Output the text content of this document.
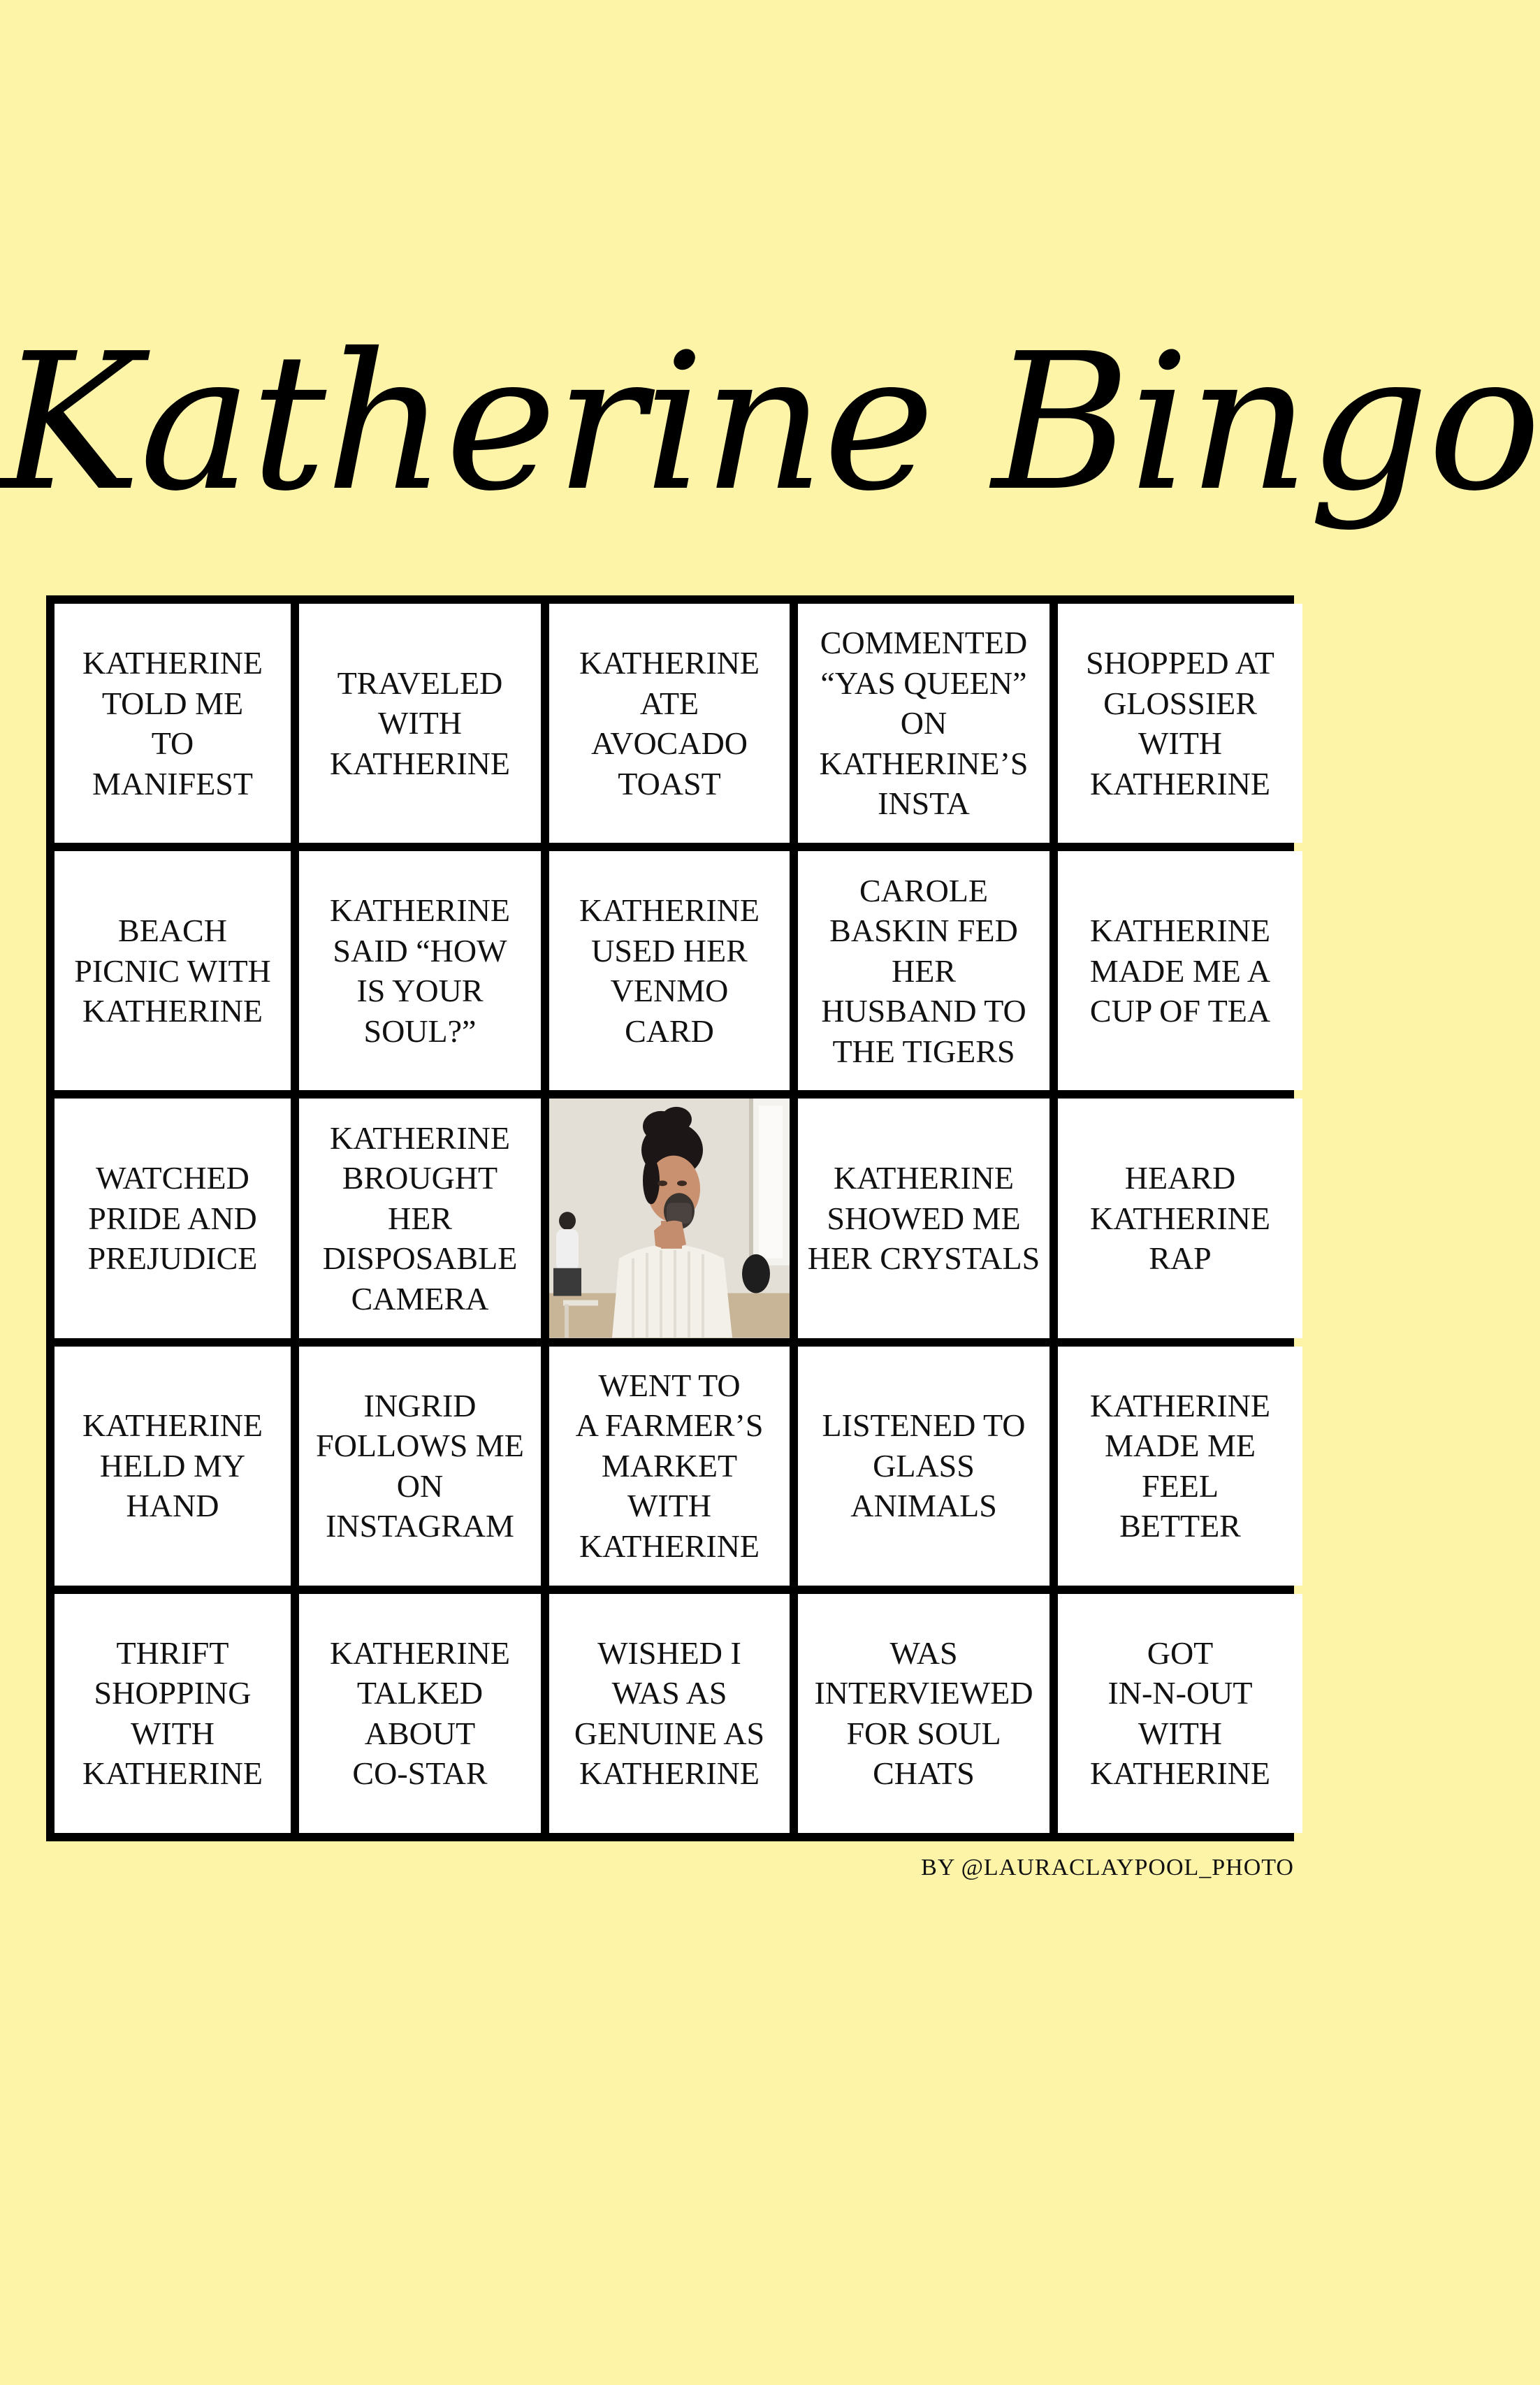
Katherine Bingo
KATHERINE
TOLD ME
TO
MANIFEST
TRAVELED
WITH
KATHERINE
KATHERINE
ATE
AVOCADO
TOAST
COMMENTED
“YAS QUEEN”
ON
KATHERINE’S
INSTA
SHOPPED AT
GLOSSIER
WITH
KATHERINE
BEACH
PICNIC WITH
KATHERINE
KATHERINE
SAID “HOW
IS YOUR
SOUL?”
KATHERINE
USED HER
VENMO
CARD
CAROLE
BASKIN FED
HER
HUSBAND TO
THE TIGERS
KATHERINE
MADE ME A
CUP OF TEA
WATCHED
PRIDE AND
PREJUDICE
KATHERINE
BROUGHT
HER
DISPOSABLE
CAMERA
KATHERINE
SHOWED ME
HER CRYSTALS
HEARD
KATHERINE
RAP
KATHERINE
HELD MY
HAND
INGRID
FOLLOWS ME
ON
INSTAGRAM
WENT TO
A FARMER’S
MARKET
WITH
KATHERINE
LISTENED TO
GLASS
ANIMALS
KATHERINE
MADE ME
FEEL
BETTER
THRIFT
SHOPPING
WITH
KATHERINE
KATHERINE
TALKED
ABOUT
CO-STAR
WISHED I
WAS AS
GENUINE AS
KATHERINE
WAS
INTERVIEWED
FOR SOUL
CHATS
GOT
IN-N-OUT
WITH
KATHERINE
BY @LAURACLAYPOOL_PHOTO
